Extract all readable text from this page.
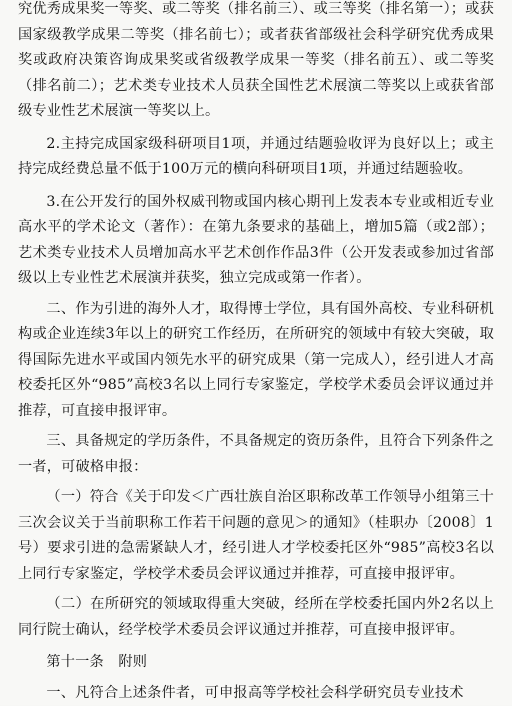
究优秀成果奖一等奖、或二等奖（排名前三）、或三等奖（排名第一）；或获国家级教学成果二等奖（排名前七）；或者获省部级社会科学研究优秀成果奖或政府决策咨询成果奖或省级教学成果一等奖（排名前五）、或二等奖（排名前二）；艺术类专业技术人员获全国性艺术展演二等奖以上或获省部级专业性艺术展演一等奖以上。

2.主持完成国家级科研项目1项，并通过结题验收评为良好以上；或主持完成经费总量不低于100万元的横向科研项目1项，并通过结题验收。

3.在公开发行的国外权威刊物或国内核心期刊上发表本专业或相近专业高水平的学术论文（著作）：在第九条要求的基础上，增加5篇（或2部）；艺术类专业技术人员增加高水平艺术创作作品3件（公开发表或参加过省部级以上专业性艺术展演并获奖，独立完成或第一作者）。

二、作为引进的海外人才，取得博士学位，具有国外高校、专业科研机构或企业连续3年以上的研究工作经历，在所研究的领域中有较大突破，取得国际先进水平或国内领先水平的研究成果（第一完成人），经引进人才高校委托区外“985”高校3名以上同行专家鉴定，学校学术委员会评议通过并推荐，可直接申报评审。

三、具备规定的学历条件，不具备规定的资历条件，且符合下列条件之一者，可破格申报：

（一）符合《关于印发＜广西壮族自治区职称改革工作领导小组第三十三次会议关于当前职称工作若干问题的意见＞的通知》（桂职办〔2008〕1号）要求引进的急需紧缺人才，经引进人才学校委托区外“985”高校3名以上同行专家鉴定，学校学术委员会评议通过并推荐，可直接申报评审。

（二）在所研究的领域取得重大突破，经所在学校委托国内外2名以上同行院士确认，经学校学术委员会评议通过并推荐，可直接申报评审。

第十一条　附则

一、凡符合上述条件者，可申报高等学校社会科学研究员专业技术
